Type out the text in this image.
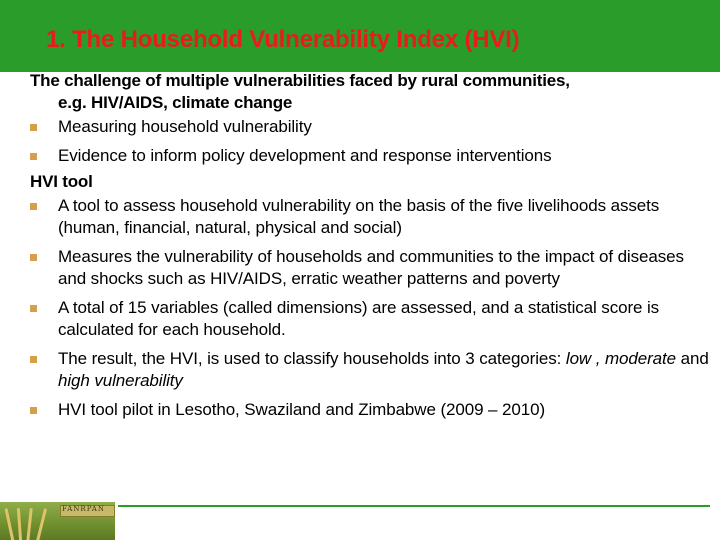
1. The Household Vulnerability Index (HVI)

The challenge of multiple vulnerabilities faced by rural communities,
e.g. HIV/AIDS, climate change

Measuring household vulnerability

Evidence to inform policy development and response interventions

HVI tool

A tool to assess household vulnerability on the basis of the five livelihoods assets (human, financial, natural, physical and social)

Measures the vulnerability of households and communities to the impact of diseases and shocks such as HIV/AIDS, erratic weather patterns and poverty

A total of 15 variables (called dimensions) are assessed, and a statistical score is calculated for each household.

The result, the HVI, is used to classify households into 3 categories: low , moderate and high vulnerability

HVI tool pilot in Lesotho, Swaziland and Zimbabwe (2009 – 2010)

FANRPAN
